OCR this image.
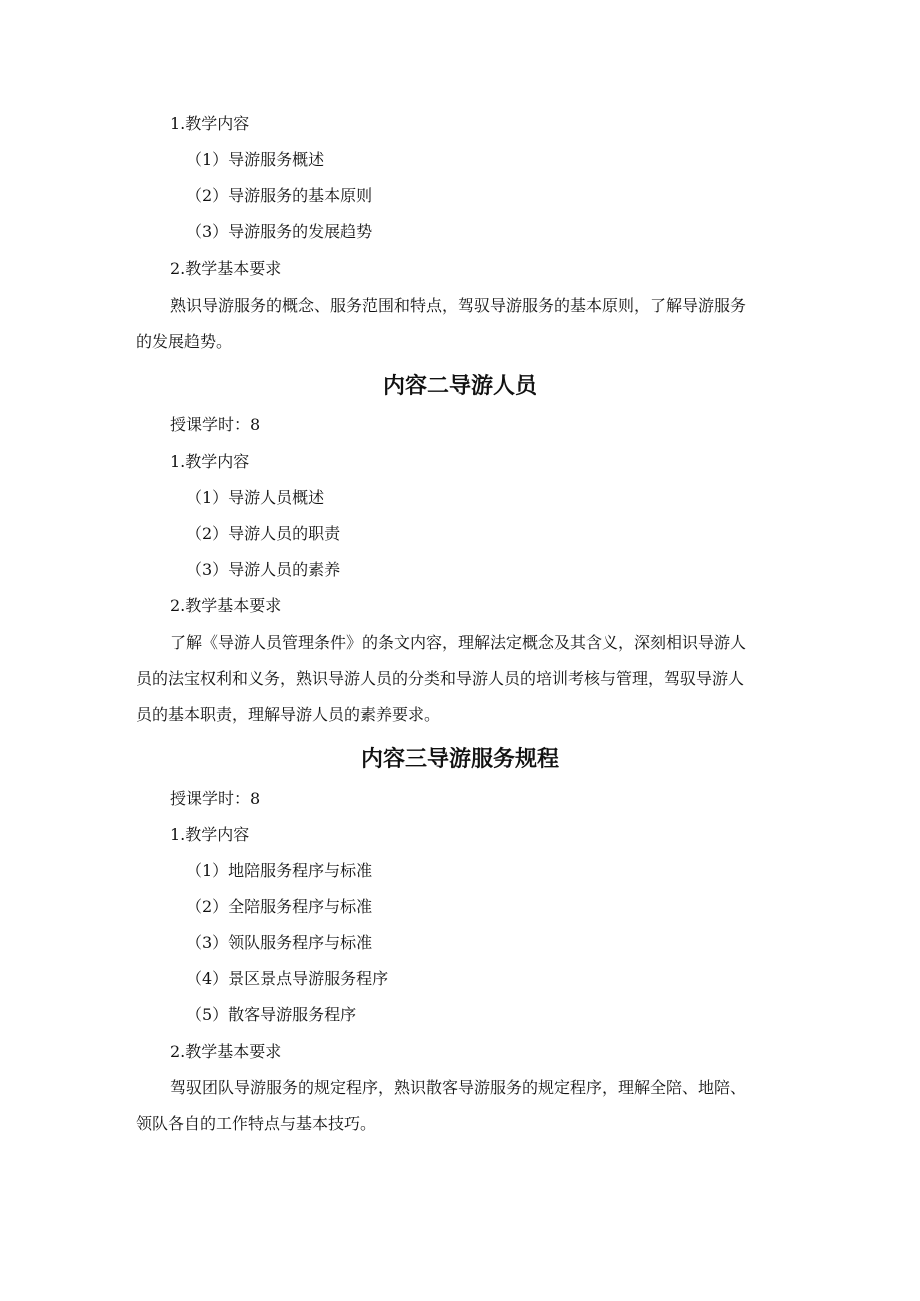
1.教学内容
（1）导游服务概述
（2）导游服务的基本原则
（3）导游服务的发展趋势
2.教学基本要求
熟识导游服务的概念、服务范围和特点，驾驭导游服务的基本原则，了解导游服务
的发展趋势。
内容二导游人员
授课学时：8
1.教学内容
（1）导游人员概述
（2）导游人员的职责
（3）导游人员的素养
2.教学基本要求
了解《导游人员管理条件》的条文内容，理解法定概念及其含义，深刻相识导游人
员的法宝权利和义务，熟识导游人员的分类和导游人员的培训考核与管理，驾驭导游人
员的基本职责，理解导游人员的素养要求。
内容三导游服务规程
授课学时：8
1.教学内容
（1）地陪服务程序与标准
（2）全陪服务程序与标准
（3）领队服务程序与标准
（4）景区景点导游服务程序
（5）散客导游服务程序
2.教学基本要求
驾驭团队导游服务的规定程序，熟识散客导游服务的规定程序，理解全陪、地陪、
领队各自的工作特点与基本技巧。
